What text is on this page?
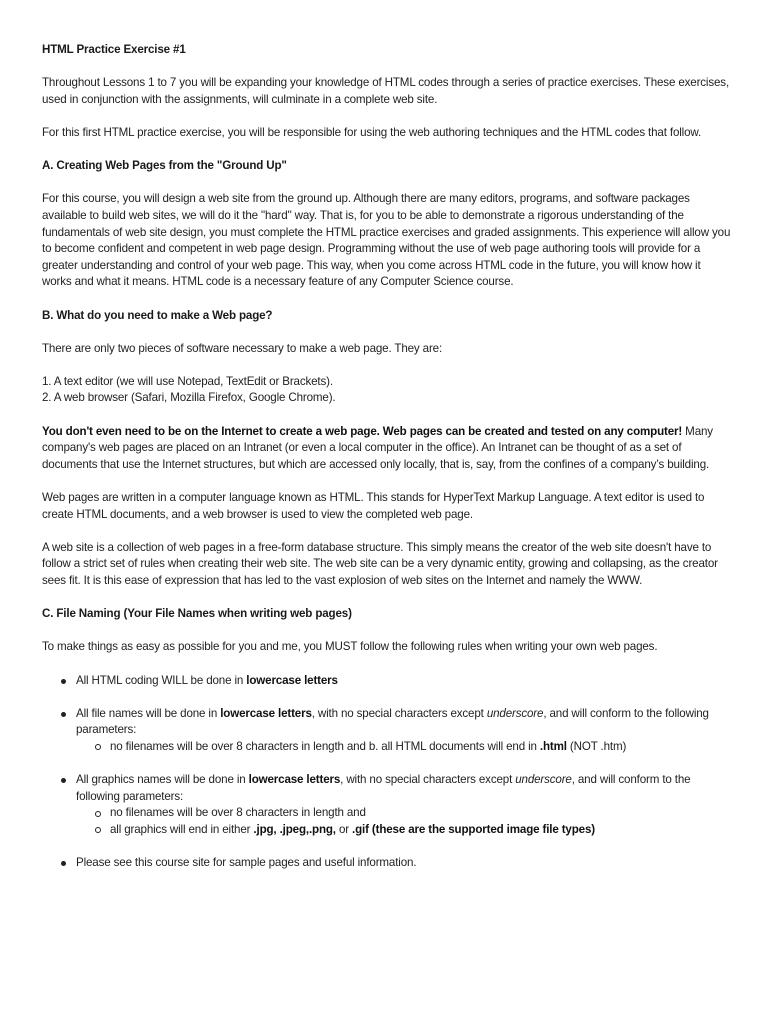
HTML Practice Exercise #1

Throughout Lessons 1 to 7 you will be expanding your knowledge of HTML codes through a series of practice exercises. These exercises, used in conjunction with the assignments, will culminate in a complete web site.

For this first HTML practice exercise, you will be responsible for using the web authoring techniques and the HTML codes that follow.

A. Creating Web Pages from the "Ground Up"

For this course, you will design a web site from the ground up. Although there are many editors, programs, and software packages available to build web sites, we will do it the "hard" way. That is, for you to be able to demonstrate a rigorous understanding of the fundamentals of web site design, you must complete the HTML practice exercises and graded assignments. This experience will allow you to become confident and competent in web page design. Programming without the use of web page authoring tools will provide for a greater understanding and control of your web page. This way, when you come across HTML code in the future, you will know how it works and what it means. HTML code is a necessary feature of any Computer Science course.

B. What do you need to make a Web page?

There are only two pieces of software necessary to make a web page. They are:

1. A text editor (we will use Notepad, TextEdit or Brackets).
2. A web browser (Safari, Mozilla Firefox, Google Chrome).

You don't even need to be on the Internet to create a web page. Web pages can be created and tested on any computer! Many company's web pages are placed on an Intranet (or even a local computer in the office). An Intranet can be thought of as a set of documents that use the Internet structures, but which are accessed only locally, that is, say, from the confines of a company’s building.

Web pages are written in a computer language known as HTML. This stands for HyperText Markup Language. A text editor is used to create HTML documents, and a web browser is used to view the completed web page.

A web site is a collection of web pages in a free-form database structure. This simply means the creator of the web site doesn't have to follow a strict set of rules when creating their web site. The web site can be a very dynamic entity, growing and collapsing, as the creator sees fit. It is this ease of expression that has led to the vast explosion of web sites on the Internet and namely the WWW.

C. File Naming (Your File Names when writing web pages)

To make things as easy as possible for you and me, you MUST follow the following rules when writing your own web pages.

All HTML coding WILL be done in lowercase letters
All file names will be done in lowercase letters, with no special characters except underscore, and will conform to the following parameters:
no filenames will be over 8 characters in length and b. all HTML documents will end in .html (NOT .htm)
All graphics names will be done in lowercase letters, with no special characters except underscore, and will conform to the following parameters:
no filenames will be over 8 characters in length and
all graphics will end in either .jpg, .jpeg,.png, or .gif (these are the supported image file types)
Please see this course site for sample pages and useful information.
